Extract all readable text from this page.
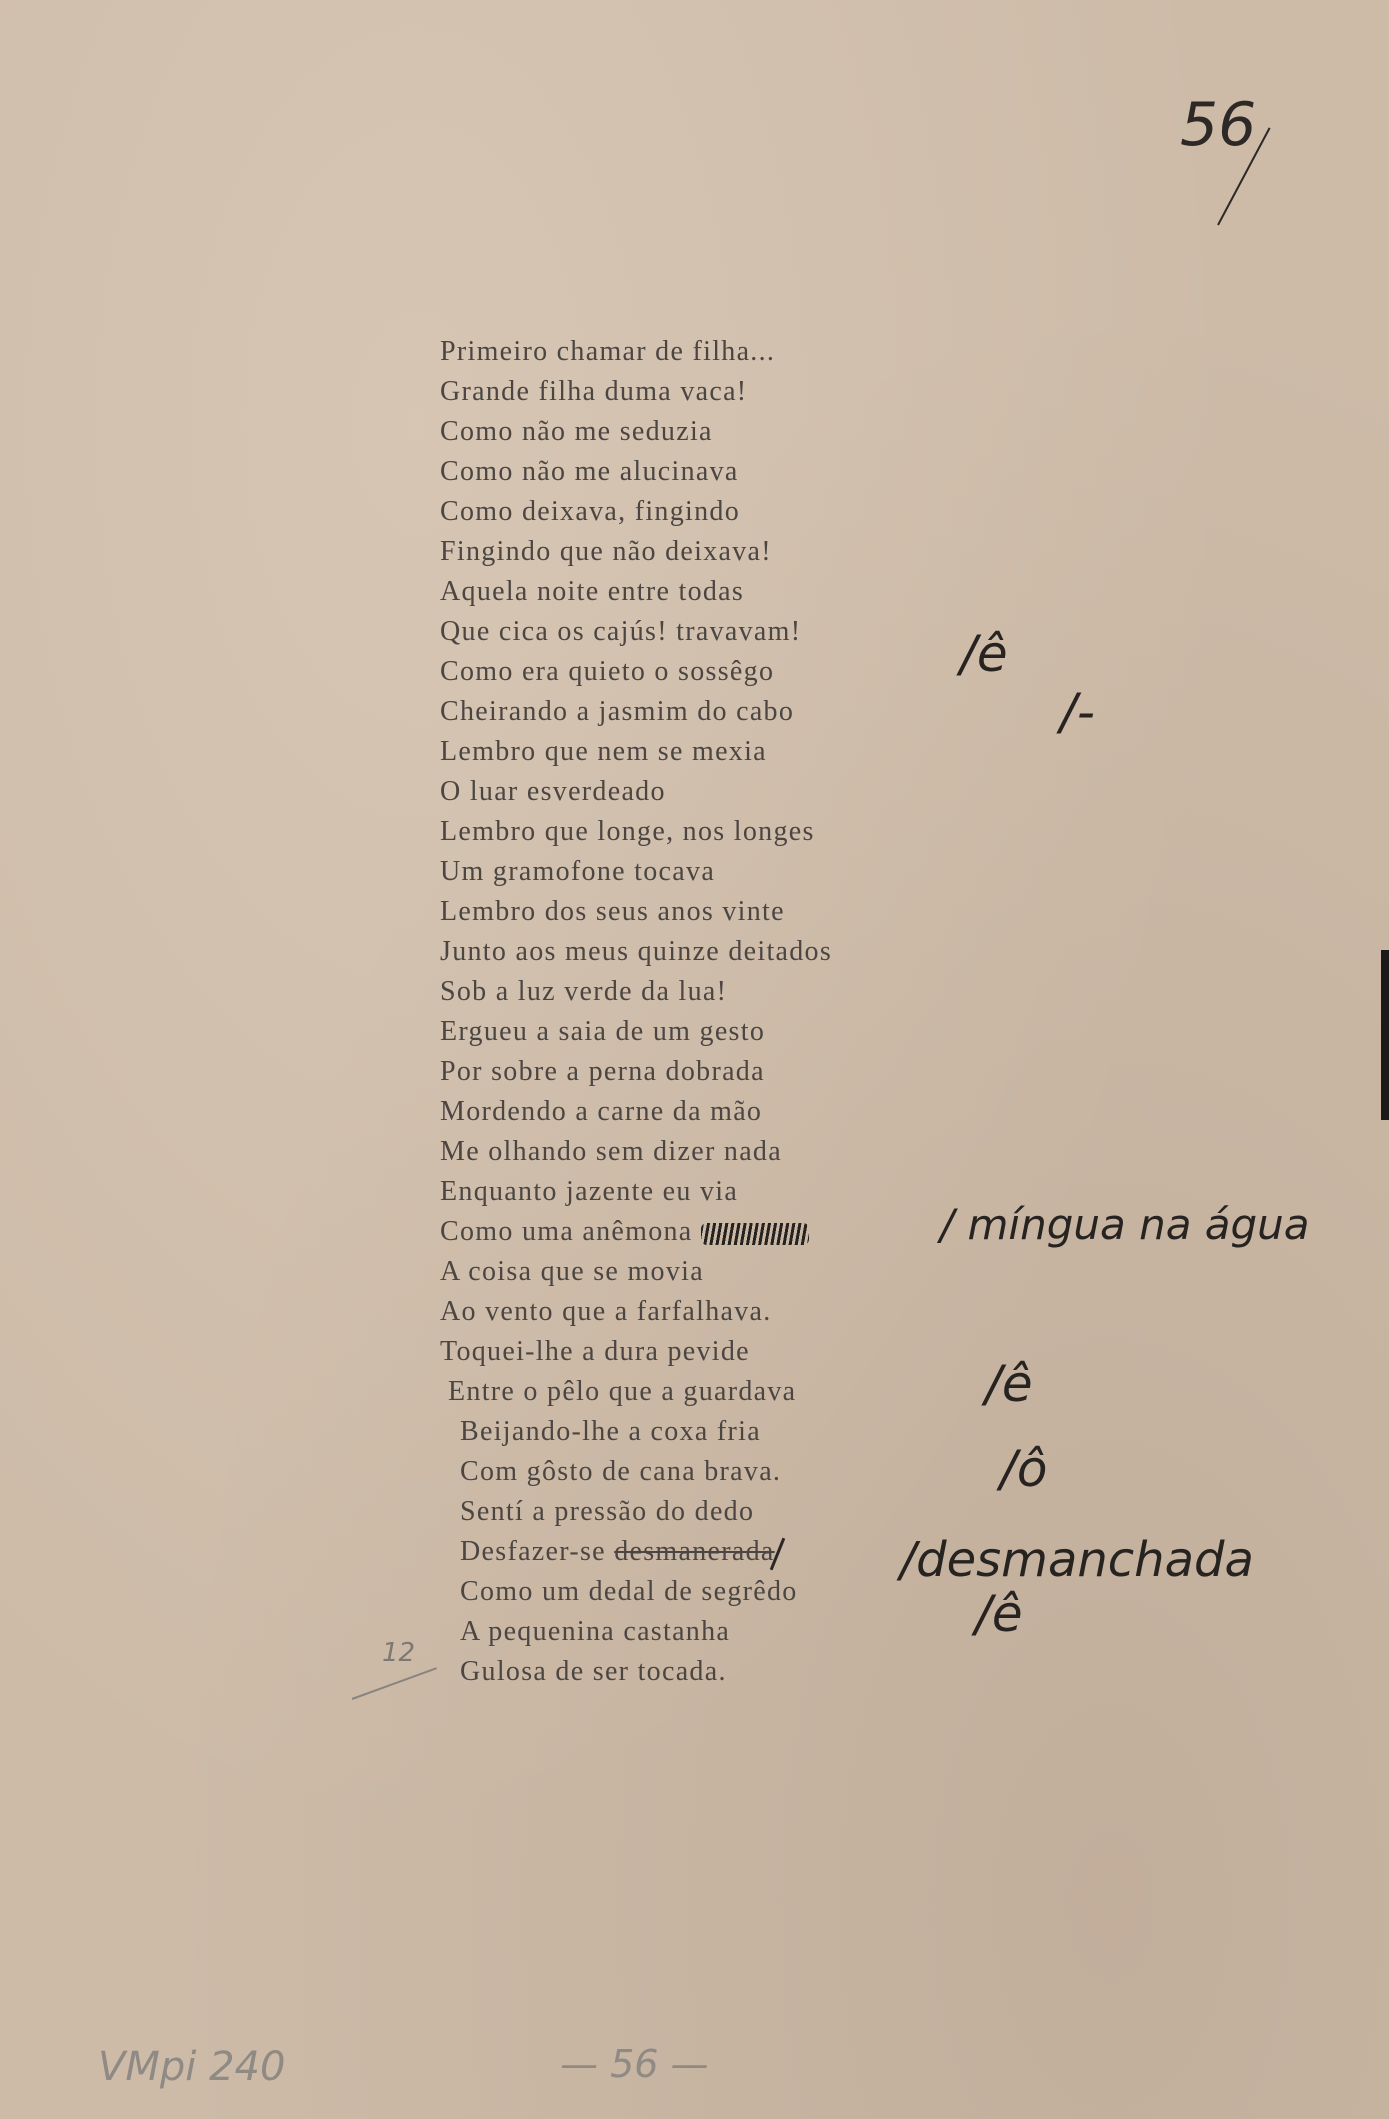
56
Primeiro chamar de filha...
Grande filha duma vaca!
Como não me seduzia
Como não me alucinava
Como deixava, fingindo
Fingindo que não deixava!
Aquela noite entre todas
Que cica os cajús! travavam!
Como era quieto o sossêgo
Cheirando a jasmim do cabo
Lembro que nem se mexia
O luar esverdeado
Lembro que longe, nos longes
Um gramofone tocava
Lembro dos seus anos vinte
Junto aos meus quinze deitados
Sob a luz verde da lua!
Ergueu a saia de um gesto
Por sobre a perna dobrada
Mordendo a carne da mão
Me olhando sem dizer nada
Enquanto jazente eu via
Como uma anêmona
A coisa que se movia
Ao vento que a farfalhava.
Toquei-lhe a dura pevide
Entre o pêlo que a guardava
Beijando-lhe a coxa fria
Com gôsto de cana brava.
Sentí a pressão do dedo
Desfazer-se desmanerada
Como um dedal de segrêdo
A pequenina castanha
Gulosa de ser tocada.
/ê
/-
/ míngua na água
/ê
/ô
/desmanchada
/ê
12
VMpi 240	— 56 —
